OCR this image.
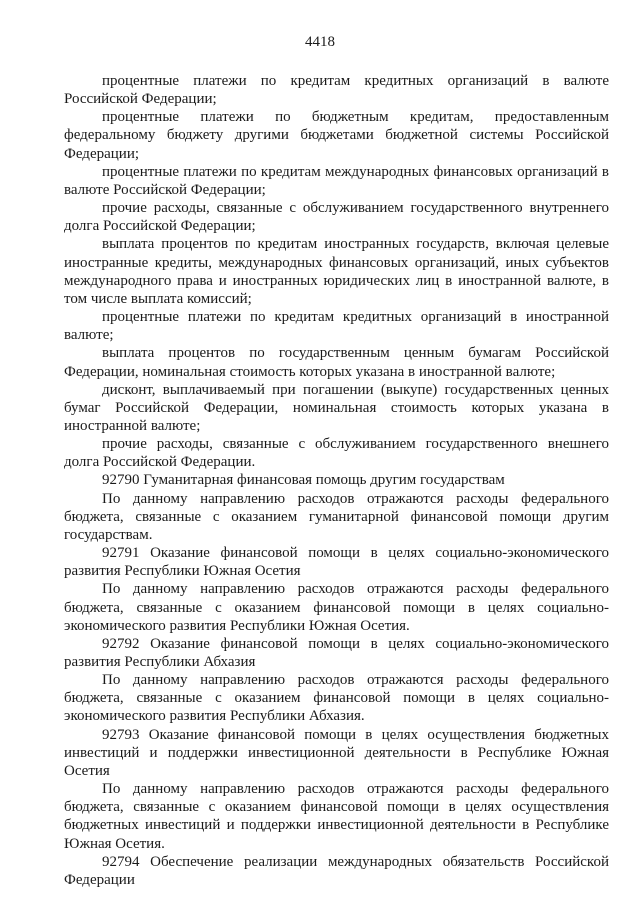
4418

процентные платежи по кредитам кредитных организаций в валюте Российской Федерации;

процентные платежи по бюджетным кредитам, предоставленным федеральному бюджету другими бюджетами бюджетной системы Российской Федерации;

процентные платежи по кредитам международных финансовых организаций в валюте Российской Федерации;

прочие расходы, связанные с обслуживанием государственного внутреннего долга Российской Федерации;

выплата процентов по кредитам иностранных государств, включая целевые иностранные кредиты, международных финансовых организаций, иных субъектов международного права и иностранных юридических лиц в иностранной валюте, в том числе выплата комиссий;

процентные платежи по кредитам кредитных организаций в иностранной валюте;

выплата процентов по государственным ценным бумагам Российской Федерации, номинальная стоимость которых указана в иностранной валюте;

дисконт, выплачиваемый при погашении (выкупе) государственных ценных бумаг Российской Федерации, номинальная стоимость которых указана в иностранной валюте;

прочие расходы, связанные с обслуживанием государственного внешнего долга Российской Федерации.

92790 Гуманитарная финансовая помощь другим государствам

По данному направлению расходов отражаются расходы федерального бюджета, связанные с оказанием гуманитарной финансовой помощи другим государствам.

92791 Оказание финансовой помощи в целях социально-экономического развития Республики Южная Осетия

По данному направлению расходов отражаются расходы федерального бюджета, связанные с оказанием финансовой помощи в целях социально-экономического развития Республики Южная Осетия.

92792 Оказание финансовой помощи в целях социально-экономического развития Республики Абхазия

По данному направлению расходов отражаются расходы федерального бюджета, связанные с оказанием финансовой помощи в целях социально-экономического развития Республики Абхазия.

92793 Оказание финансовой помощи в целях осуществления бюджетных инвестиций и поддержки инвестиционной деятельности в Республике Южная Осетия

По данному направлению расходов отражаются расходы федерального бюджета, связанные с оказанием финансовой помощи в целях осуществления бюджетных инвестиций и поддержки инвестиционной деятельности в Республике Южная Осетия.

92794 Обеспечение реализации международных обязательств Российской Федерации
